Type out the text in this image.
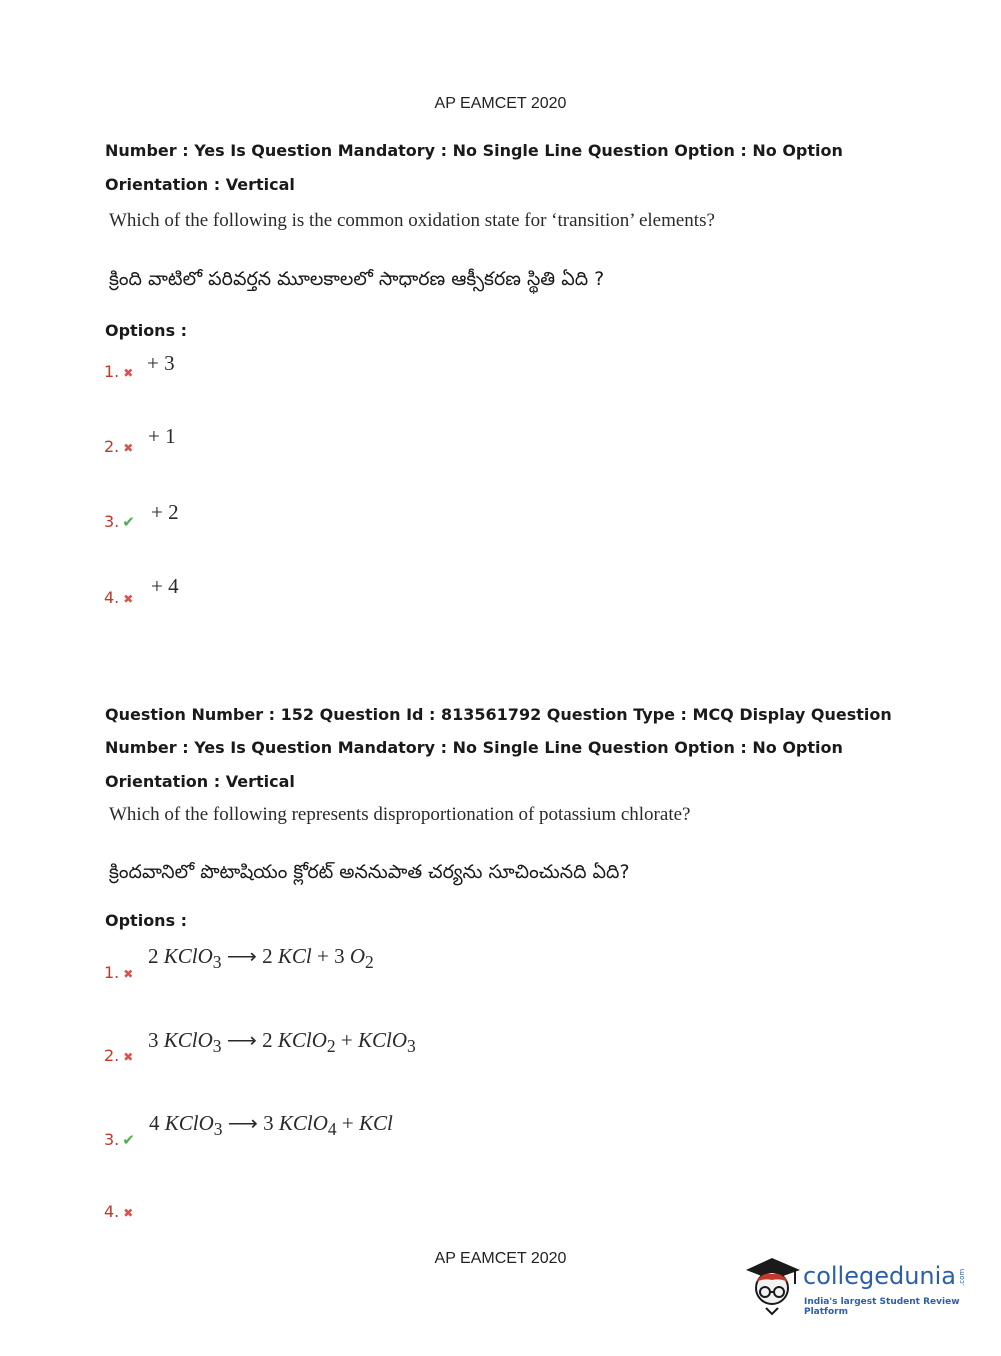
AP EAMCET 2020
Number : Yes Is Question Mandatory : No Single Line Question Option : No Option
Orientation : Vertical
Which of the following is the common oxidation state for ‘transition’ elements?
క్రింది వాటిలో పరివర్తన మూలకాలలో సాధారణ ఆక్సీకరణ స్థితి ఏది ?
Options :
1. ✖ + 3
2. ✖ + 1
3. ✔ + 2
4. ✖
+ 4
Question Number : 152 Question Id : 813561792 Question Type : MCQ Display Question
Number : Yes Is Question Mandatory : No Single Line Question Option : No Option
Orientation : Vertical
Which of the following represents disproportionation of potassium chlorate?
క్రిందవానిలో పొటాషియం క్లోరట్ అననుపాత చర్యను సూచించునది ఏది?
Options :
1. ✖
2 KClO$_3$ ⟶ 2 KCl + 3 $O_2$
2. ✖
3 KClO$_3$ ⟶ 2 KClO$_2$ + KClO$_3$
3. ✔
4 KClO$_3$ ⟶ 3 KClO$_4$ + KCl
4. ✖
AP EAMCET 2020
collegedunia .com
India's largest Student Review Platform
